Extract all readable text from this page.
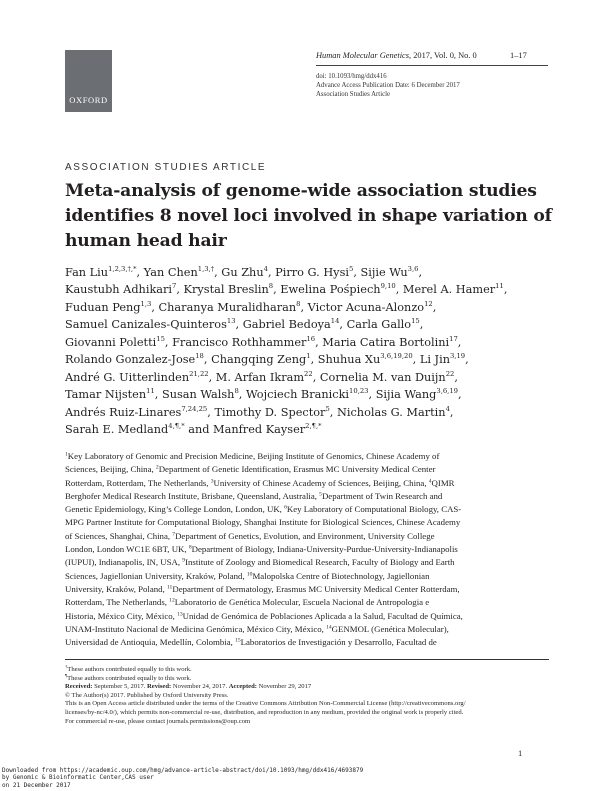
OXFORD
Human Molecular Genetics, 2017, Vol. 0, No. 0	1–17
doi: 10.1093/hmg/ddx416
Advance Access Publication Date: 6 December 2017
Association Studies Article
ASSOCIATION STUDIES ARTICLE
Meta-analysis of genome-wide association studies
identifies 8 novel loci involved in shape variation of
human head hair
Fan Liu$^{1,2,3,\dagger,*}$, Yan Chen$^{1,3,\dagger}$, Gu Zhu$^4$, Pirro G. Hysi$^5$, Sijie Wu$^{3,6}$,
Kaustubh Adhikari$^7$, Krystal Breslin$^8$, Ewelina Pośpiech$^{9,10}$, Merel A. Hamer$^{11}$,
Fuduan Peng$^{1,3}$, Charanya Muralidharan$^8$, Victor Acuna-Alonzo$^{12}$,
Samuel Canizales-Quinteros$^{13}$, Gabriel Bedoya$^{14}$, Carla Gallo$^{15}$,
Giovanni Poletti$^{15}$, Francisco Rothhammer$^{16}$, Maria Catira Bortolini$^{17}$,
Rolando Gonzalez-Jose$^{18}$, Changqing Zeng$^1$, Shuhua Xu$^{3,6,19,20}$, Li Jin$^{3,19}$,
André G. Uitterlinden$^{21,22}$, M. Arfan Ikram$^{22}$, Cornelia M. van Duijn$^{22}$,
Tamar Nijsten$^{11}$, Susan Walsh$^8$, Wojciech Branicki$^{10,23}$, Sijia Wang$^{3,6,19}$,
Andrés Ruiz-Linares$^{7,24,25}$, Timothy D. Spector$^5$, Nicholas G. Martin$^4$,
Sarah E. Medland$^{4,\P,*}$ and Manfred Kayser$^{2,\P,*}$
$^1$Key Laboratory of Genomic and Precision Medicine, Beijing Institute of Genomics, Chinese Academy of
Sciences, Beijing, China, $^2$Department of Genetic Identification, Erasmus MC University Medical Center
Rotterdam, Rotterdam, The Netherlands, $^3$University of Chinese Academy of Sciences, Beijing, China, $^4$QIMR
Berghofer Medical Research Institute, Brisbane, Queensland, Australia, $^5$Department of Twin Research and
Genetic Epidemiology, King’s College London, London, UK, $^6$Key Laboratory of Computational Biology, CAS-
MPG Partner Institute for Computational Biology, Shanghai Institute for Biological Sciences, Chinese Academy
of Sciences, Shanghai, China, $^7$Department of Genetics, Evolution, and Environment, University College
London, London WC1E 6BT, UK, $^8$Department of Biology, Indiana-University-Purdue-University-Indianapolis
(IUPUI), Indianapolis, IN, USA, $^9$Institute of Zoology and Biomedical Research, Faculty of Biology and Earth
Sciences, Jagiellonian University, Kraków, Poland, $^{10}$Malopolska Centre of Biotechnology, Jagiellonian
University, Kraków, Poland, $^{11}$Department of Dermatology, Erasmus MC University Medical Center Rotterdam,
Rotterdam, The Netherlands, $^{12}$Laboratorio de Genética Molecular, Escuela Nacional de Antropologia e
Historia, México City, México, $^{13}$Unidad de Genómica de Poblaciones Aplicada a la Salud, Facultad de Química,
UNAM-Instituto Nacional de Medicina Genómica, México City, México, $^{14}$GENMOL (Genética Molecular),
Universidad de Antioquia, Medellín, Colombia, $^{15}$Laboratorios de Investigación y Desarrollo, Facultad de
†These authors contributed equally to this work.
¶These authors contributed equally to this work.
Received: September 5, 2017. Revised: November 24, 2017. Accepted: November 29, 2017
© The Author(s) 2017. Published by Oxford University Press.
This is an Open Access article distributed under the terms of the Creative Commons Attribution Non-Commercial License (http://creativecommons.org/
licenses/by-nc/4.0/), which permits non-commercial re-use, distribution, and reproduction in any medium, provided the original work is properly cited.
For commercial re-use, please contact journals.permissions@oup.com
1
Downloaded from https://academic.oup.com/hmg/advance-article-abstract/doi/10.1093/hmg/ddx416/4693879
by Genomic & Bioinformatic Center,CAS user
on 21 December 2017
